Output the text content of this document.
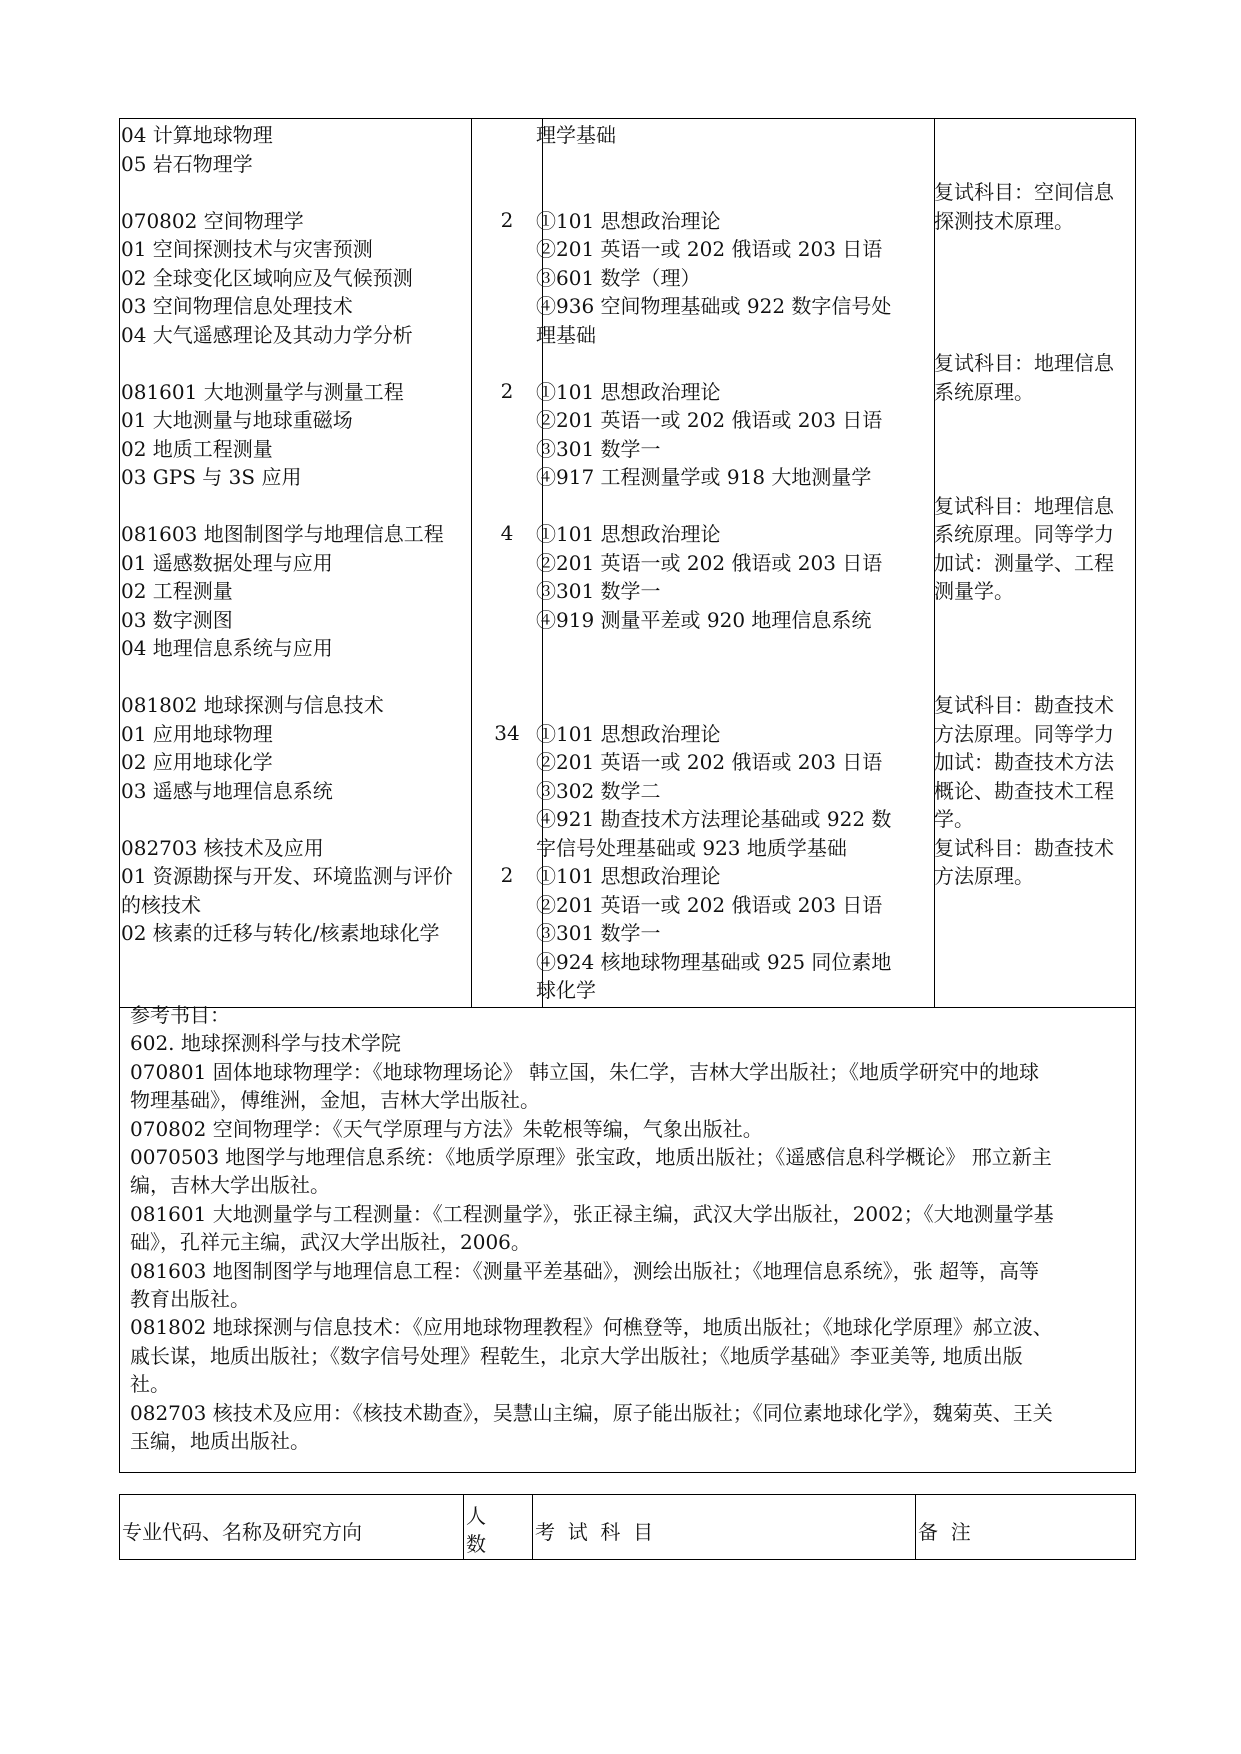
04 计算地球物理
05 岩石物理学
070802 空间物理学
01 空间探测技术与灾害预测
02 全球变化区域响应及气候预测
03 空间物理信息处理技术
04 大气遥感理论及其动力学分析
081601 大地测量学与测量工程
01 大地测量与地球重磁场
02 地质工程测量
03 GPS 与 3S 应用
081603 地图制图学与地理信息工程
01 遥感数据处理与应用
02 工程测量
03 数字测图
04 地理信息系统与应用
081802 地球探测与信息技术
01 应用地球物理
02 应用地球化学
03 遥感与地理信息系统
082703 核技术及应用
01 资源勘探与开发、环境监测与评价
的核技术
02 核素的迁移与转化/核素地球化学
2
2
4
34
2
理学基础
①101 思想政治理论
②201 英语一或 202 俄语或 203 日语
③601 数学（理）
④936 空间物理基础或 922 数字信号处
理基础
①101 思想政治理论
②201 英语一或 202 俄语或 203 日语
③301 数学一
④917 工程测量学或 918 大地测量学
①101 思想政治理论
②201 英语一或 202 俄语或 203 日语
③301 数学一
④919 测量平差或 920 地理信息系统
①101 思想政治理论
②201 英语一或 202 俄语或 203 日语
③302 数学二
④921 勘查技术方法理论基础或 922 数
字信号处理基础或 923 地质学基础
①101 思想政治理论
②201 英语一或 202 俄语或 203 日语
③301 数学一
④924 核地球物理基础或 925 同位素地
球化学
复试科目：空间信息
探测技术原理。
复试科目：地理信息
系统原理。
复试科目：地理信息
系统原理。同等学力
加试：测量学、工程
测量学。
复试科目：勘查技术
方法原理。同等学力
加试：勘查技术方法
概论、勘查技术工程
学。
复试科目：勘查技术
方法原理。
参考书目：
602. 地球探测科学与技术学院
070801 固体地球物理学：《地球物理场论》 韩立国，朱仁学，吉林大学出版社；《地质学研究中的地球
物理基础》，傅维洲，金旭，吉林大学出版社。
070802 空间物理学：《天气学原理与方法》朱乾根等编，气象出版社。
0070503 地图学与地理信息系统：《地质学原理》张宝政，地质出版社；《遥感信息科学概论》 邢立新主
编，吉林大学出版社。
081601 大地测量学与工程测量：《工程测量学》，张正禄主编，武汉大学出版社，2002；《大地测量学基
础》，孔祥元主编，武汉大学出版社，2006。
081603 地图制图学与地理信息工程：《测量平差基础》，测绘出版社；《地理信息系统》，张 超等，高等
教育出版社。
081802 地球探测与信息技术：《应用地球物理教程》何樵登等，地质出版社；《地球化学原理》郝立波、
戚长谋，地质出版社；《数字信号处理》程乾生，北京大学出版社；《地质学基础》李亚美等, 地质出版
社。
082703 核技术及应用：《核技术勘查》，吴慧山主编，原子能出版社；《同位素地球化学》，魏菊英、王关
玉编，地质出版社。
专业代码、名称及研究方向
人
数 考  试  科  目	备  注
